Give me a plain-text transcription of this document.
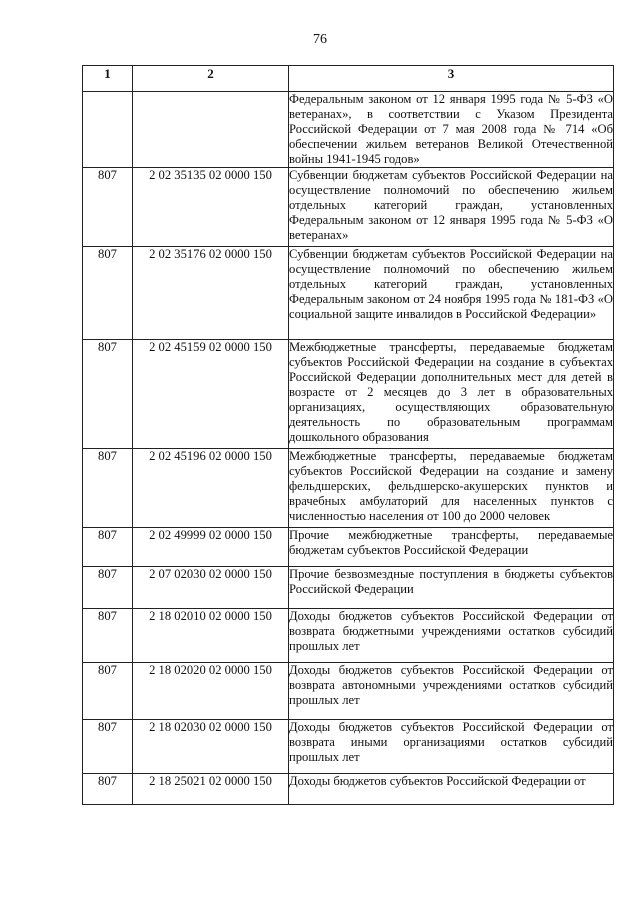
76
1	2	3
		Федеральным законом от 12 января 1995 года № 5-ФЗ «О ветеранах», в соответствии с Указом Президента Российской Федерации от 7 мая 2008 года № 714 «Об обеспечении жильем ветеранов Великой Отечественной войны 1941-1945 годов»
807	2 02 35135 02 0000 150	Субвенции бюджетам субъектов Российской Федерации на осуществление полномочий по обеспечению жильем отдельных категорий граждан, установленных Федеральным законом от 12 января 1995 года № 5-ФЗ «О ветеранах»
807	2 02 35176 02 0000 150	Субвенции бюджетам субъектов Российской Федерации на осуществление полномочий по обеспечению жильем отдельных категорий граждан, установленных Федеральным законом от 24 ноября 1995 года № 181-ФЗ «О социальной защите инвалидов в Российской Федерации»
807	2 02 45159 02 0000 150	Межбюджетные трансферты, передаваемые бюджетам субъектов Российской Федерации на создание в субъектах Российской Федерации дополнительных мест для детей в возрасте от 2 месяцев до 3 лет в образовательных организациях, осуществляющих образовательную деятельность по образовательным программам дошкольного образования
807	2 02 45196 02 0000 150	Межбюджетные трансферты, передаваемые бюджетам субъектов Российской Федерации на создание и замену фельдшерских, фельдшерско-акушерских пунктов и врачебных амбулаторий для населенных пунктов с численностью населения от 100 до 2000 человек
807	2 02 49999 02 0000 150	Прочие межбюджетные трансферты, передаваемые бюджетам субъектов Российской Федерации
807	2 07 02030 02 0000 150	Прочие безвозмездные поступления в бюджеты субъектов Российской Федерации
807	2 18 02010 02 0000 150	Доходы бюджетов субъектов Российской Федерации от возврата бюджетными учреждениями остатков субсидий прошлых лет
807	2 18 02020 02 0000 150	Доходы бюджетов субъектов Российской Федерации от возврата автономными учреждениями остатков субсидий прошлых лет
807	2 18 02030 02 0000 150	Доходы бюджетов субъектов Российской Федерации от возврата иными организациями остатков субсидий прошлых лет
807	2 18 25021 02 0000 150	Доходы бюджетов субъектов Российской Федерации от
